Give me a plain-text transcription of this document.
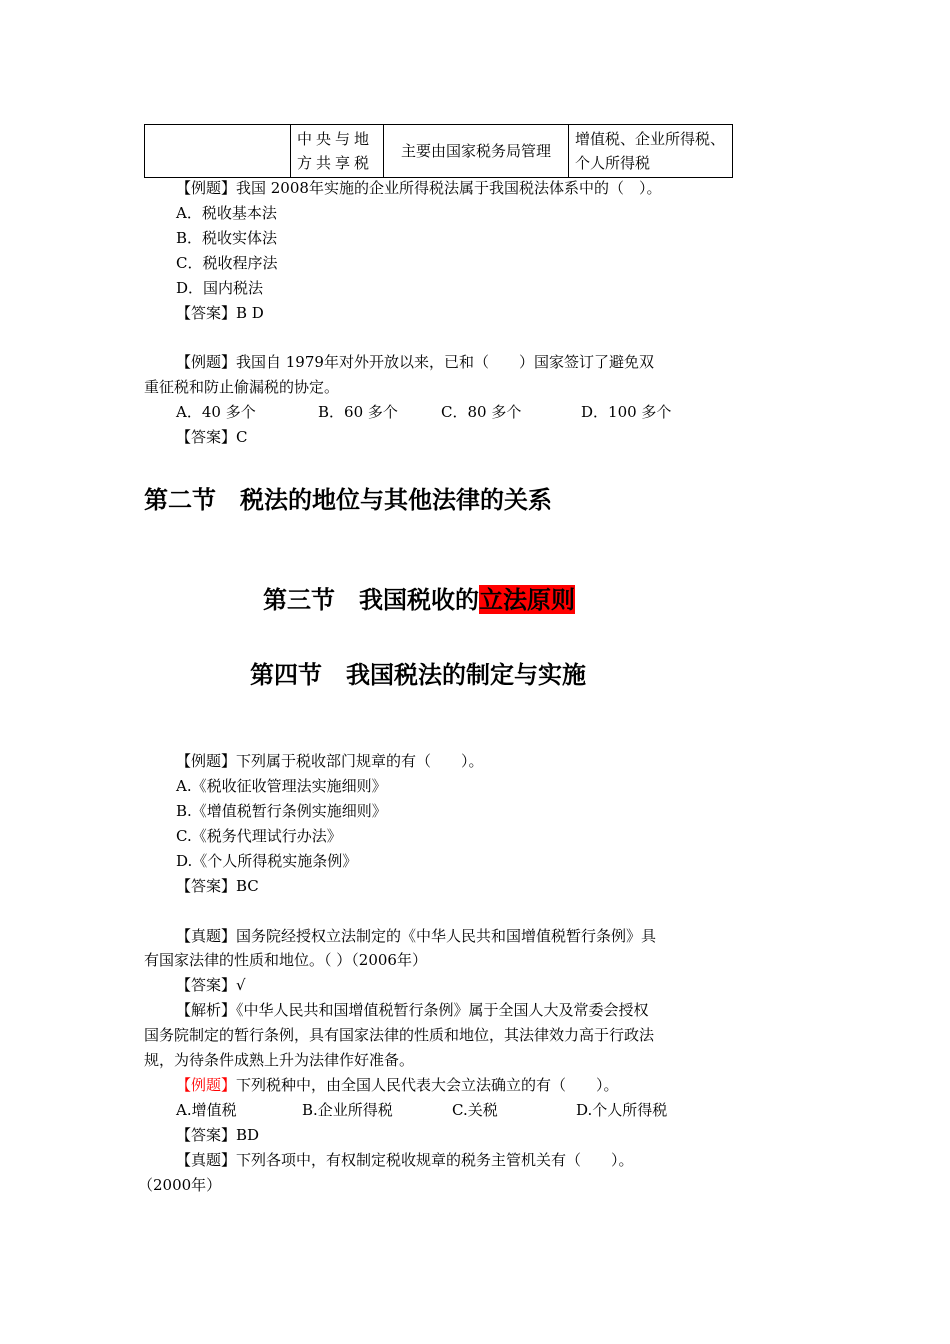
	中央与地方共享税	主要由国家税务局管理	增值税、企业所得税、个人所得税
【例题】我国 2008年实施的企业所得税法属于我国税法体系中的（　）。
A．税收基本法
B．税收实体法
C．税收程序法
D．国内税法
【答案】B D
【例题】我国自 1979年对外开放以来，已和（　　）国家签订了避免双
重征税和防止偷漏税的协定。
A．40 多个	B．60 多个	C．80 多个	D．100 多个
【答案】C
第二节　税法的地位与其他法律的关系
第三节　我国税收的立法原则
第四节　我国税法的制定与实施
【例题】下列属于税收部门规章的有（　　）。
A.《税收征收管理法实施细则》
B.《增值税暂行条例实施细则》
C.《税务代理试行办法》
D.《个人所得税实施条例》
【答案】BC
【真题】国务院经授权立法制定的《中华人民共和国增值税暂行条例》具
有国家法律的性质和地位。（ ）（2006年）
【答案】√
【解析】《中华人民共和国增值税暂行条例》属于全国人大及常委会授权
国务院制定的暂行条例，具有国家法律的性质和地位，其法律效力高于行政法
规，为待条件成熟上升为法律作好准备。
【例题】下列税种中，由全国人民代表大会立法确立的有（　　）。
A.增值税	B.企业所得税	C.关税	D.个人所得税
【答案】BD
【真题】下列各项中，有权制定税收规章的税务主管机关有（　　）。
（2000年）
